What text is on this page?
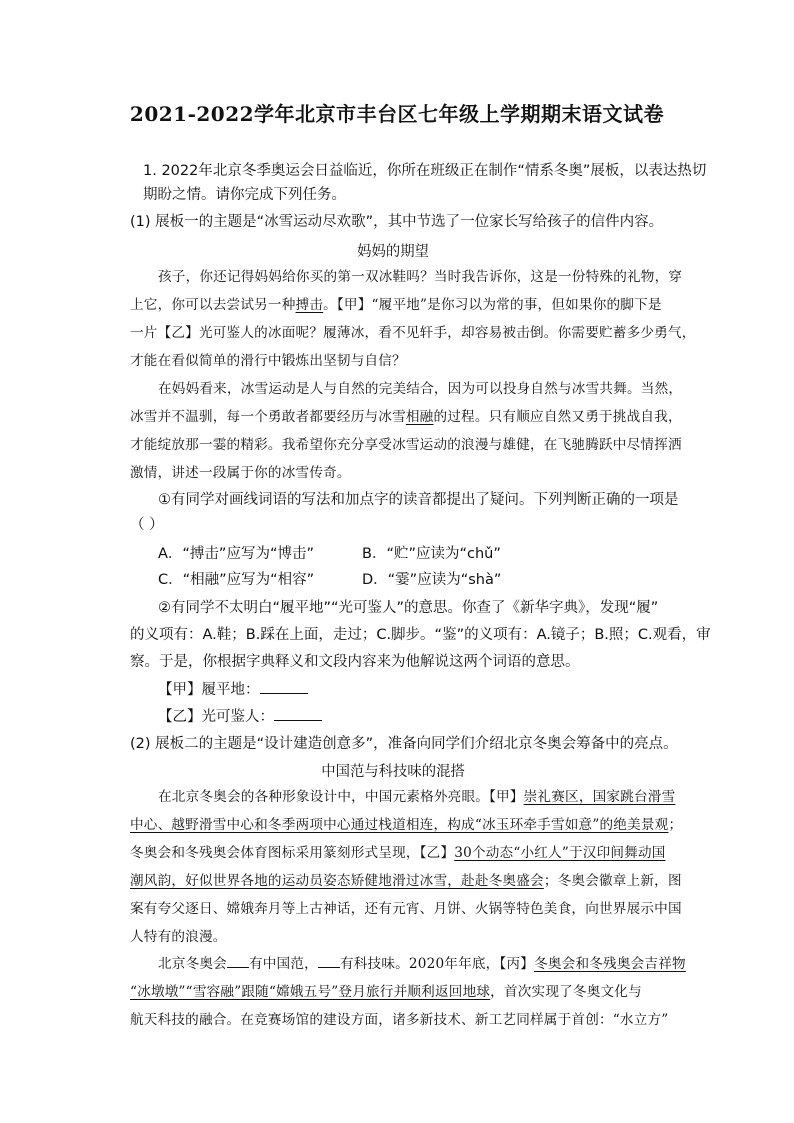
2021-2022学年北京市丰台区七年级上学期期末语文试卷
1. 2022年北京冬季奥运会日益临近，你所在班级正在制作“情系冬奥”展板，以表达热切
期盼之情。请你完成下列任务。
(1) 展板一的主题是“冰雪运动尽欢歌”，其中节选了一位家长写给孩子的信件内容。
妈妈的期望
孩子，你还记得妈妈给你买的第一双冰鞋吗？当时我告诉你，这是一份特殊的礼物，穿
上它，你可以去尝试另一种搏击。【甲】“履平地”是你习以为常的事，但如果你的脚下是
一片【乙】光可鉴人的冰面呢？履薄冰，看不见轩手，却容易被击倒。你需要贮蓄多少勇气，
才能在看似简单的滑行中锻炼出坚韧与自信？
在妈妈看来，冰雪运动是人与自然的完美结合，因为可以投身自然与冰雪共舞。当然，
冰雪并不温驯，每一个勇敢者都要经历与冰雪相融的过程。只有顺应自然又勇于挑战自我，
才能绽放那一霎的精彩。我希望你充分享受冰雪运动的浪漫与雄健，在飞驰腾跃中尽情挥洒
激情，讲述一段属于你的冰雪传奇。
①有同学对画线词语的写法和加点字的读音都提出了疑问。下列判断正确的一项是
（ ）
A．“搏击”应写为“博击”	B．“贮”应读为“chǔ”
C．“相融”应写为“相容”	D．“霎”应读为“shà”
②有同学不太明白“履平地”“光可鉴人”的意思。你查了《新华字典》，发现“履”
的义项有：A.鞋；B.踩在上面，走过；C.脚步。“鉴”的义项有：A.镜子；B.照；C.观看，审
察。于是，你根据字典释义和文段内容来为他解说这两个词语的意思。
【甲】履平地：
【乙】光可鉴人：
(2) 展板二的主题是“设计建造创意多”，准备向同学们介绍北京冬奥会筹备中的亮点。
中国范与科技味的混搭
在北京冬奥会的各种形象设计中，中国元素格外亮眼。【甲】崇礼赛区，国家跳台滑雪
中心、越野滑雪中心和冬季两项中心通过栈道相连，构成“冰玉环牵手雪如意”的绝美景观；
冬奥会和冬残奥会体育图标采用篆刻形式呈现，【乙】30个动态“小红人”于汉印间舞动国
潮风韵，好似世界各地的运动员姿态矫健地滑过冰雪，赴赴冬奥盛会；冬奥会徽章上新，图
案有夸父逐日、嫦娥奔月等上古神话，还有元宵、月饼、火锅等特色美食，向世界展示中国
人特有的浪漫。
北京冬奥会 有中国范， 有科技味。2020年年底，【丙】冬奥会和冬残奥会吉祥物
“冰墩墩”“雪容融”跟随“嫦娥五号”登月旅行并顺利返回地球，首次实现了冬奥文化与
航天科技的融合。在竞赛场馆的建设方面，诸多新技术、新工艺同样属于首创：“水立方”
